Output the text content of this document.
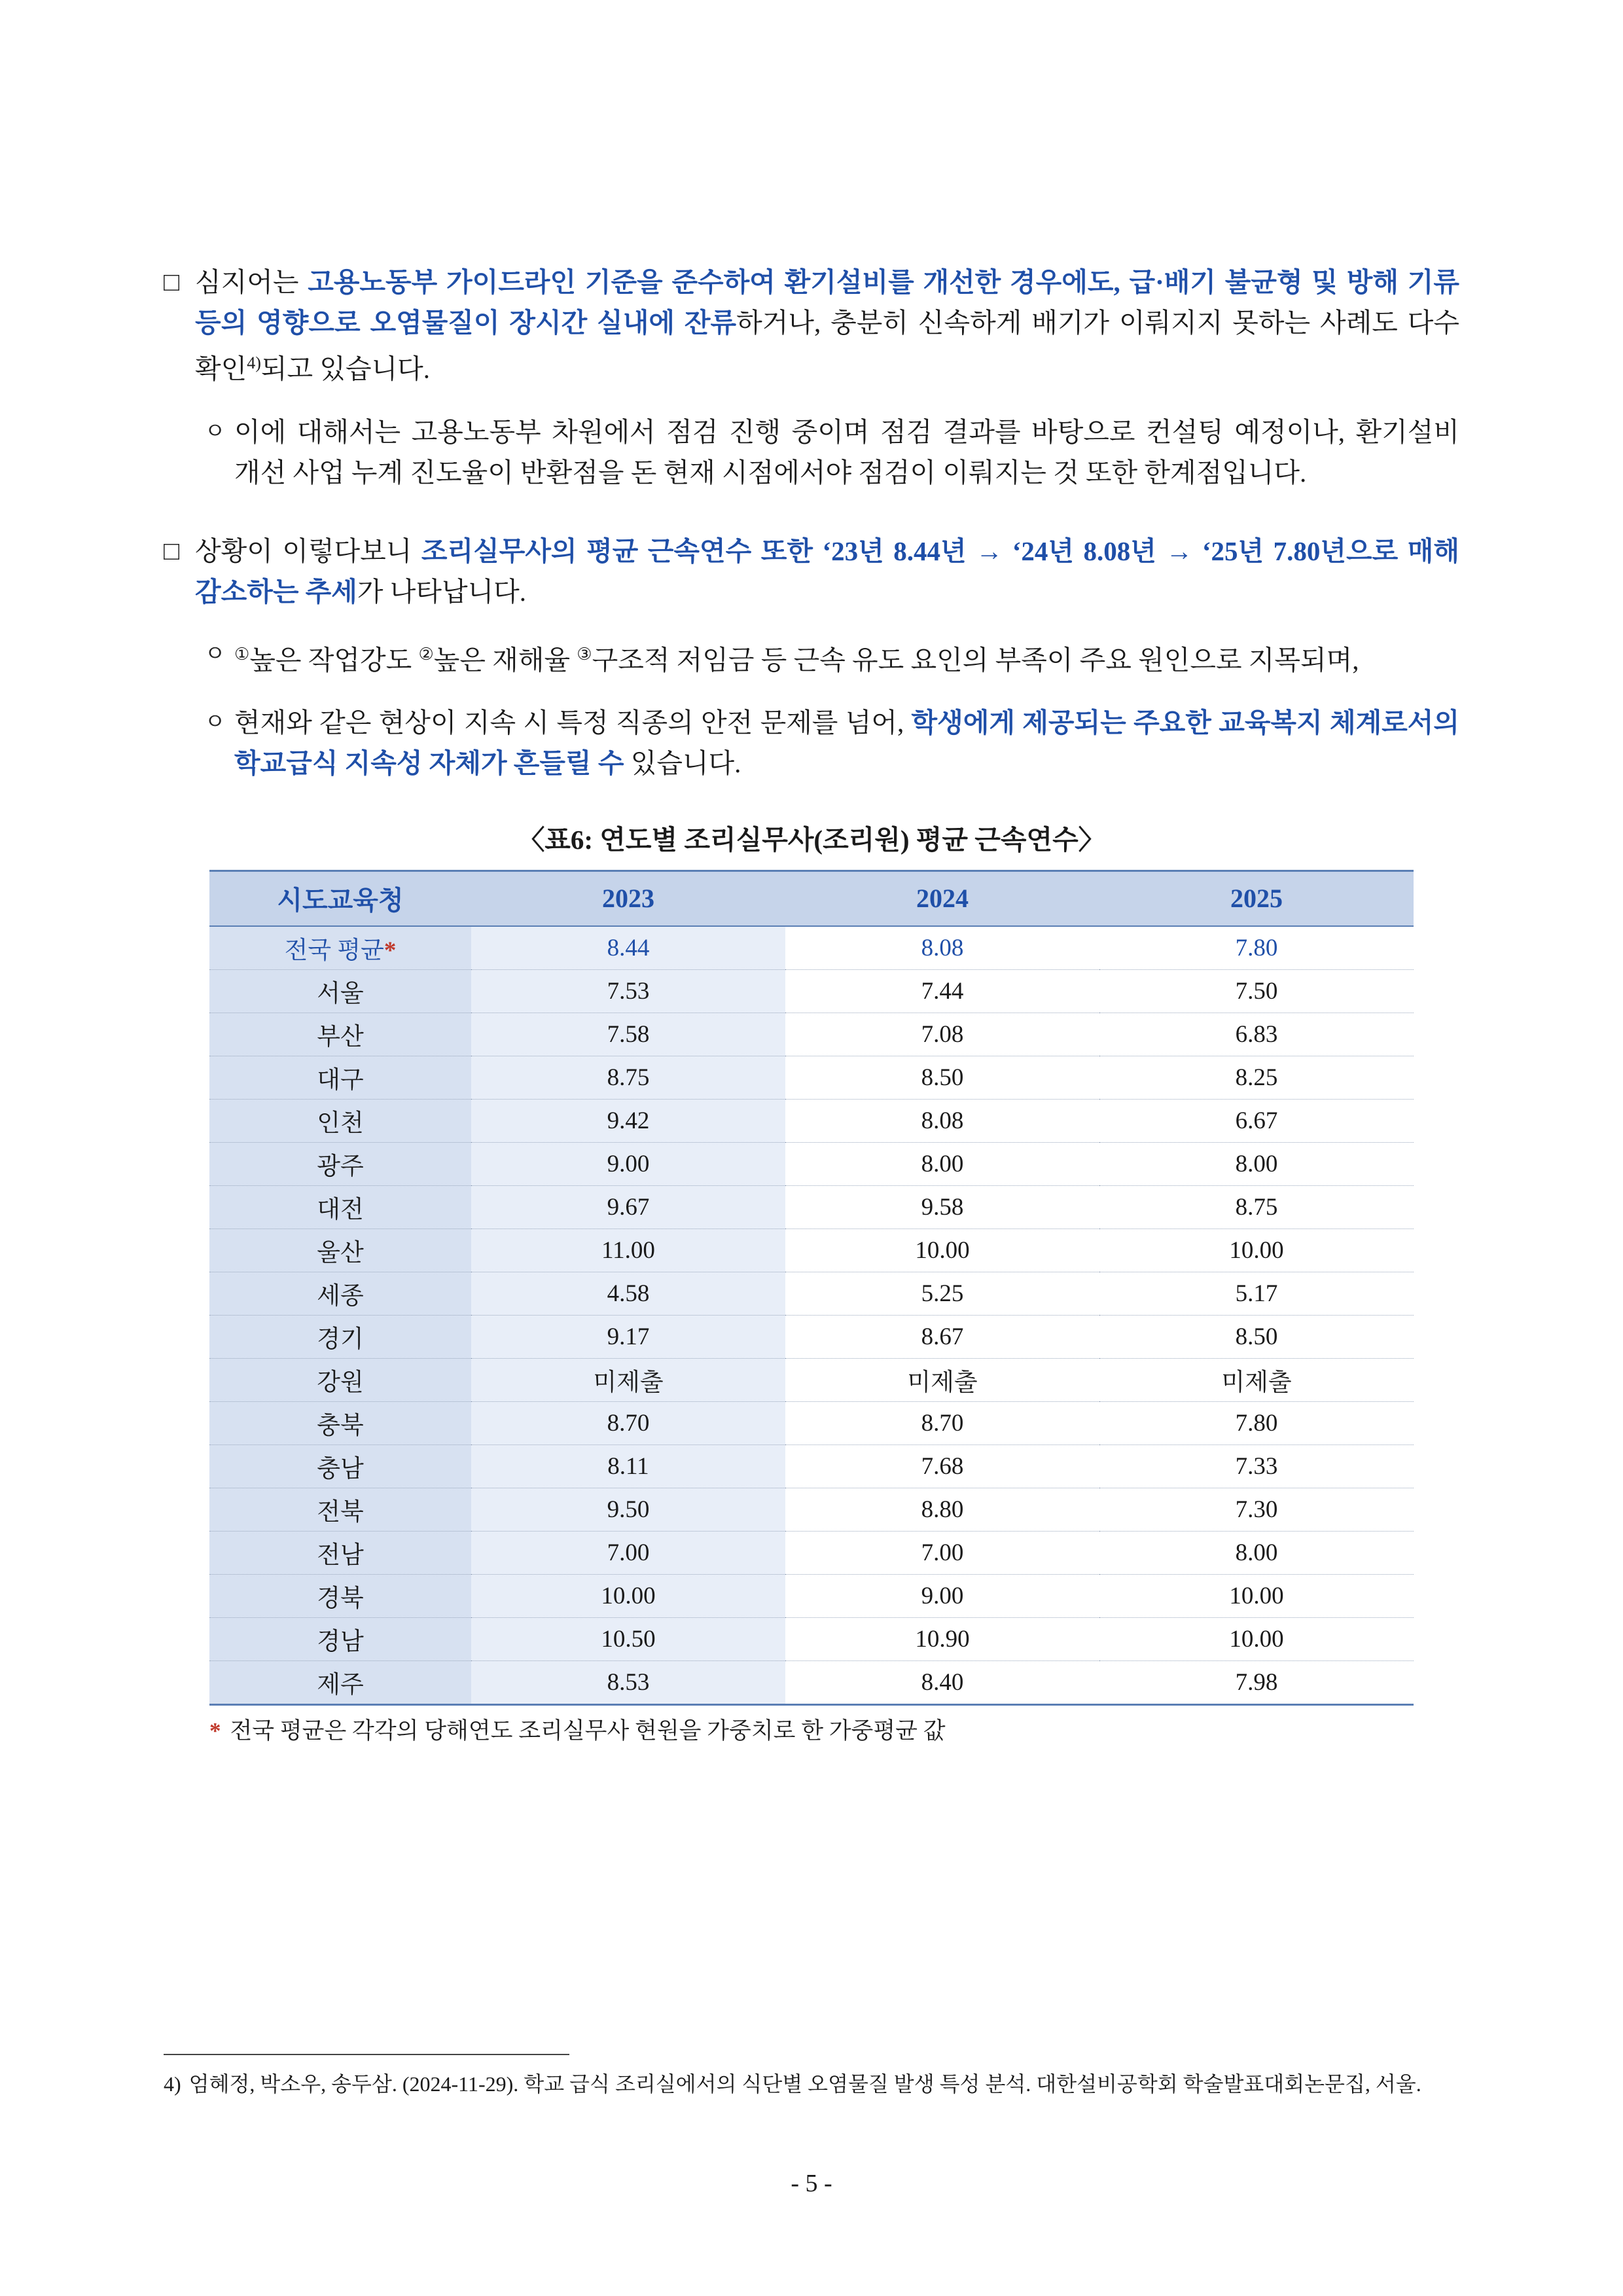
□ 심지어는 고용노동부 가이드라인 기준을 준수하여 환기설비를 개선한 경우에도, 급·배기 불균형 및 방해 기류 등의 영향으로 오염물질이 장시간 실내에 잔류하거나, 충분히 신속하게 배기가 이뤄지지 못하는 사례도 다수 확인$^{4)}$되고 있습니다.
ㅇ 이에 대해서는 고용노동부 차원에서 점검 진행 중이며 점검 결과를 바탕으로 컨설팅 예정이나, 환기설비 개선 사업 누계 진도율이 반환점을 돈 현재 시점에서야 점검이 이뤄지는 것 또한 한계점입니다.
□ 상황이 이렇다보니 조리실무사의 평균 근속연수 또한 ‘23년 8.44년 → ‘24년 8.08년 → ‘25년 7.80년으로 매해 감소하는 추세가 나타납니다.
ㅇ ①높은 작업강도 ②높은 재해율 ③구조적 저임금 등 근속 유도 요인의 부족이 주요 원인으로 지목되며,
ㅇ 현재와 같은 현상이 지속 시 특정 직종의 안전 문제를 넘어, 학생에게 제공되는 주요한 교육복지 체계로서의 학교급식 지속성 자체가 흔들릴 수 있습니다.
〈표6: 연도별 조리실무사(조리원) 평균 근속연수〉
시도교육청	2023	2024	2025
전국 평균*	8.44	8.08	7.80
서울	7.53	7.44	7.50
부산	7.58	7.08	6.83
대구	8.75	8.50	8.25
인천	9.42	8.08	6.67
광주	9.00	8.00	8.00
대전	9.67	9.58	8.75
울산	11.00	10.00	10.00
세종	4.58	5.25	5.17
경기	9.17	8.67	8.50
강원	미제출	미제출	미제출
충북	8.70	8.70	7.80
충남	8.11	7.68	7.33
전북	9.50	8.80	7.30
전남	7.00	7.00	8.00
경북	10.00	9.00	10.00
경남	10.50	10.90	10.00
제주	8.53	8.40	7.98
* 전국 평균은 각각의 당해연도 조리실무사 현원을 가중치로 한 가중평균 값
4) 엄혜정, 박소우, 송두삼. (2024-11-29). 학교 급식 조리실에서의 식단별 오염물질 발생 특성 분석. 대한설비공학회 학술발표대회논문집, 서울.
- 5 -
